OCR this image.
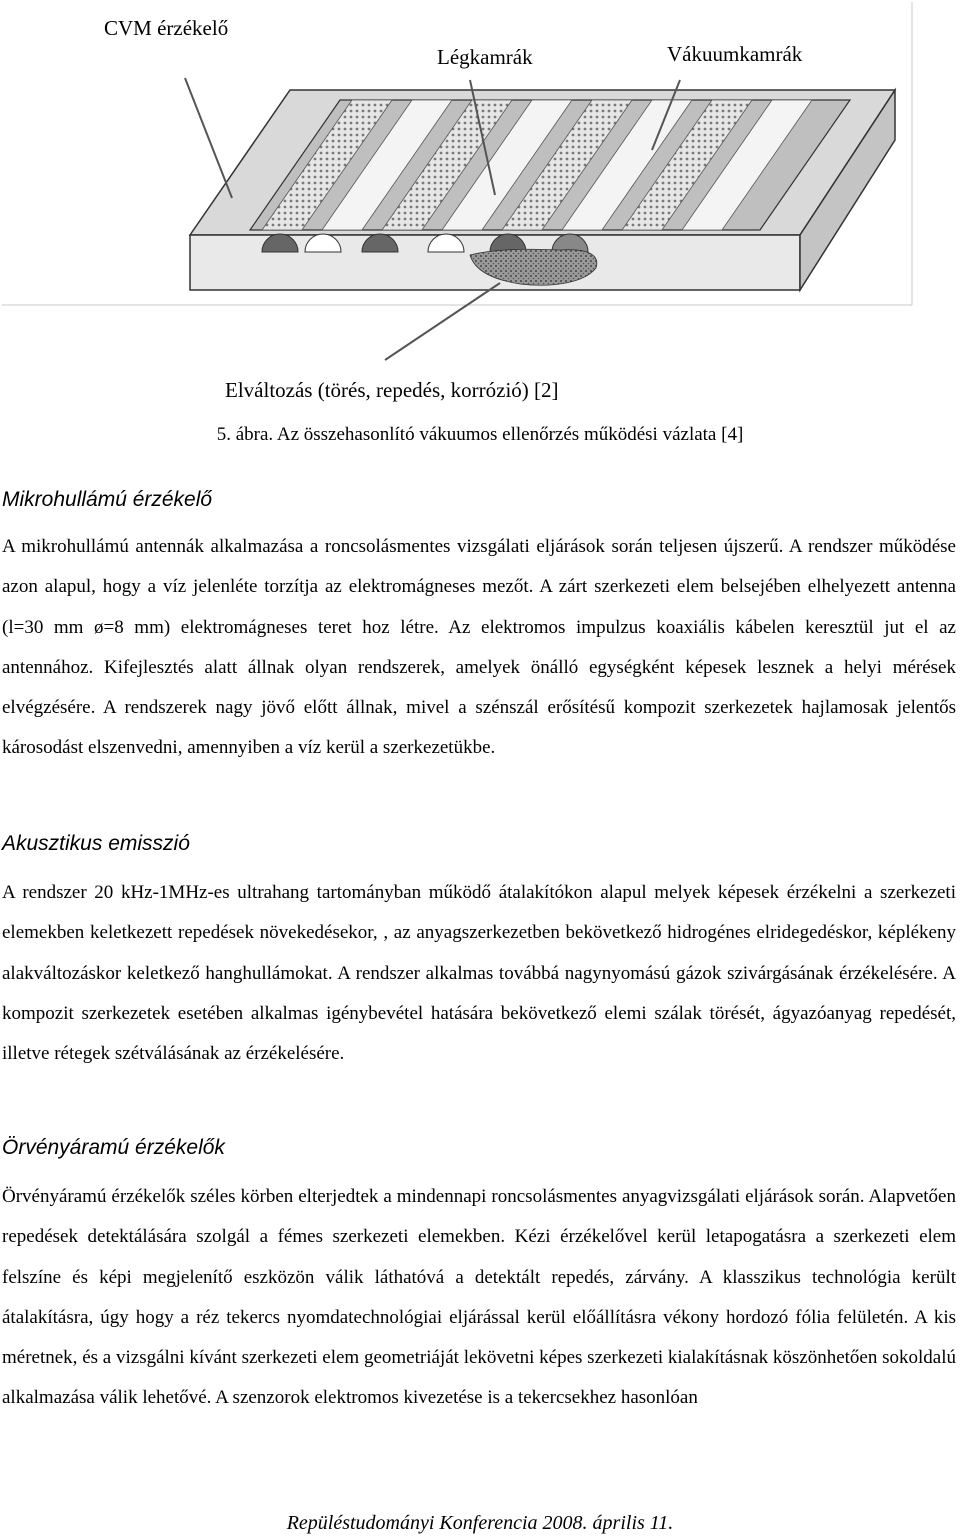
CVM érzékelő
Légkamrák	Vákuumkamrák
Elváltozás (törés, repedés, korrózió) [2]
5. ábra. Az összehasonlító vákuumos ellenőrzés működési vázlata [4]
Mikrohullámú érzékelő

A mikrohullámú antennák alkalmazása a roncsolásmentes vizsgálati eljárások során teljesen újszerű. A rendszer működése azon alapul, hogy a víz jelenléte torzítja az elektromágneses mezőt. A zárt szerkezeti elem belsejében elhelyezett antenna (l=30 mm ø=8 mm) elektromágneses teret hoz létre. Az elektromos impulzus koaxiális kábelen keresztül jut el az antennához. Kifejlesztés alatt állnak olyan rendszerek, amelyek önálló egységként képesek lesznek a helyi mérések elvégzésére. A rendszerek nagy jövő előtt állnak, mivel a szénszál erősítésű kompozit szerkezetek hajlamosak jelentős károsodást elszenvedni, amennyiben a víz kerül a szerkezetükbe.

Akusztikus emisszió

A rendszer 20 kHz-1MHz-es ultrahang tartományban működő átalakítókon alapul melyek képesek érzékelni a szerkezeti elemekben keletkezett repedések növekedésekor, , az anyagszerkezetben bekövetkező hidrogénes elridegedéskor, képlékeny alakváltozáskor keletkező hanghullámokat. A rendszer alkalmas továbbá nagynyomású gázok szivárgásának érzékelésére. A kompozit szerkezetek esetében alkalmas igénybevétel hatására bekövetkező elemi szálak törését, ágyazóanyag repedését, illetve rétegek szétválásának az érzékelésére.

Örvényáramú érzékelők

Örvényáramú érzékelők széles körben elterjedtek a mindennapi roncsolásmentes anyagvizsgálati eljárások során. Alapvetően repedések detektálására szolgál a fémes szerkezeti elemekben. Kézi érzékelővel kerül letapogatásra a szerkezeti elem felszíne és képi megjelenítő eszközön válik láthatóvá a detektált repedés, zárvány. A klasszikus technológia került átalakításra, úgy hogy a réz tekercs nyomdatechnológiai eljárással kerül előállításra vékony hordozó fólia felületén. A kis méretnek, és a vizsgálni kívánt szerkezeti elem geometriáját lekövetni képes szerkezeti kialakításnak köszönhetően sokoldalú alkalmazása válik lehetővé. A szenzorok elektromos kivezetése is a tekercsekhez hasonlóan

Repüléstudományi Konferencia 2008. április 11.
